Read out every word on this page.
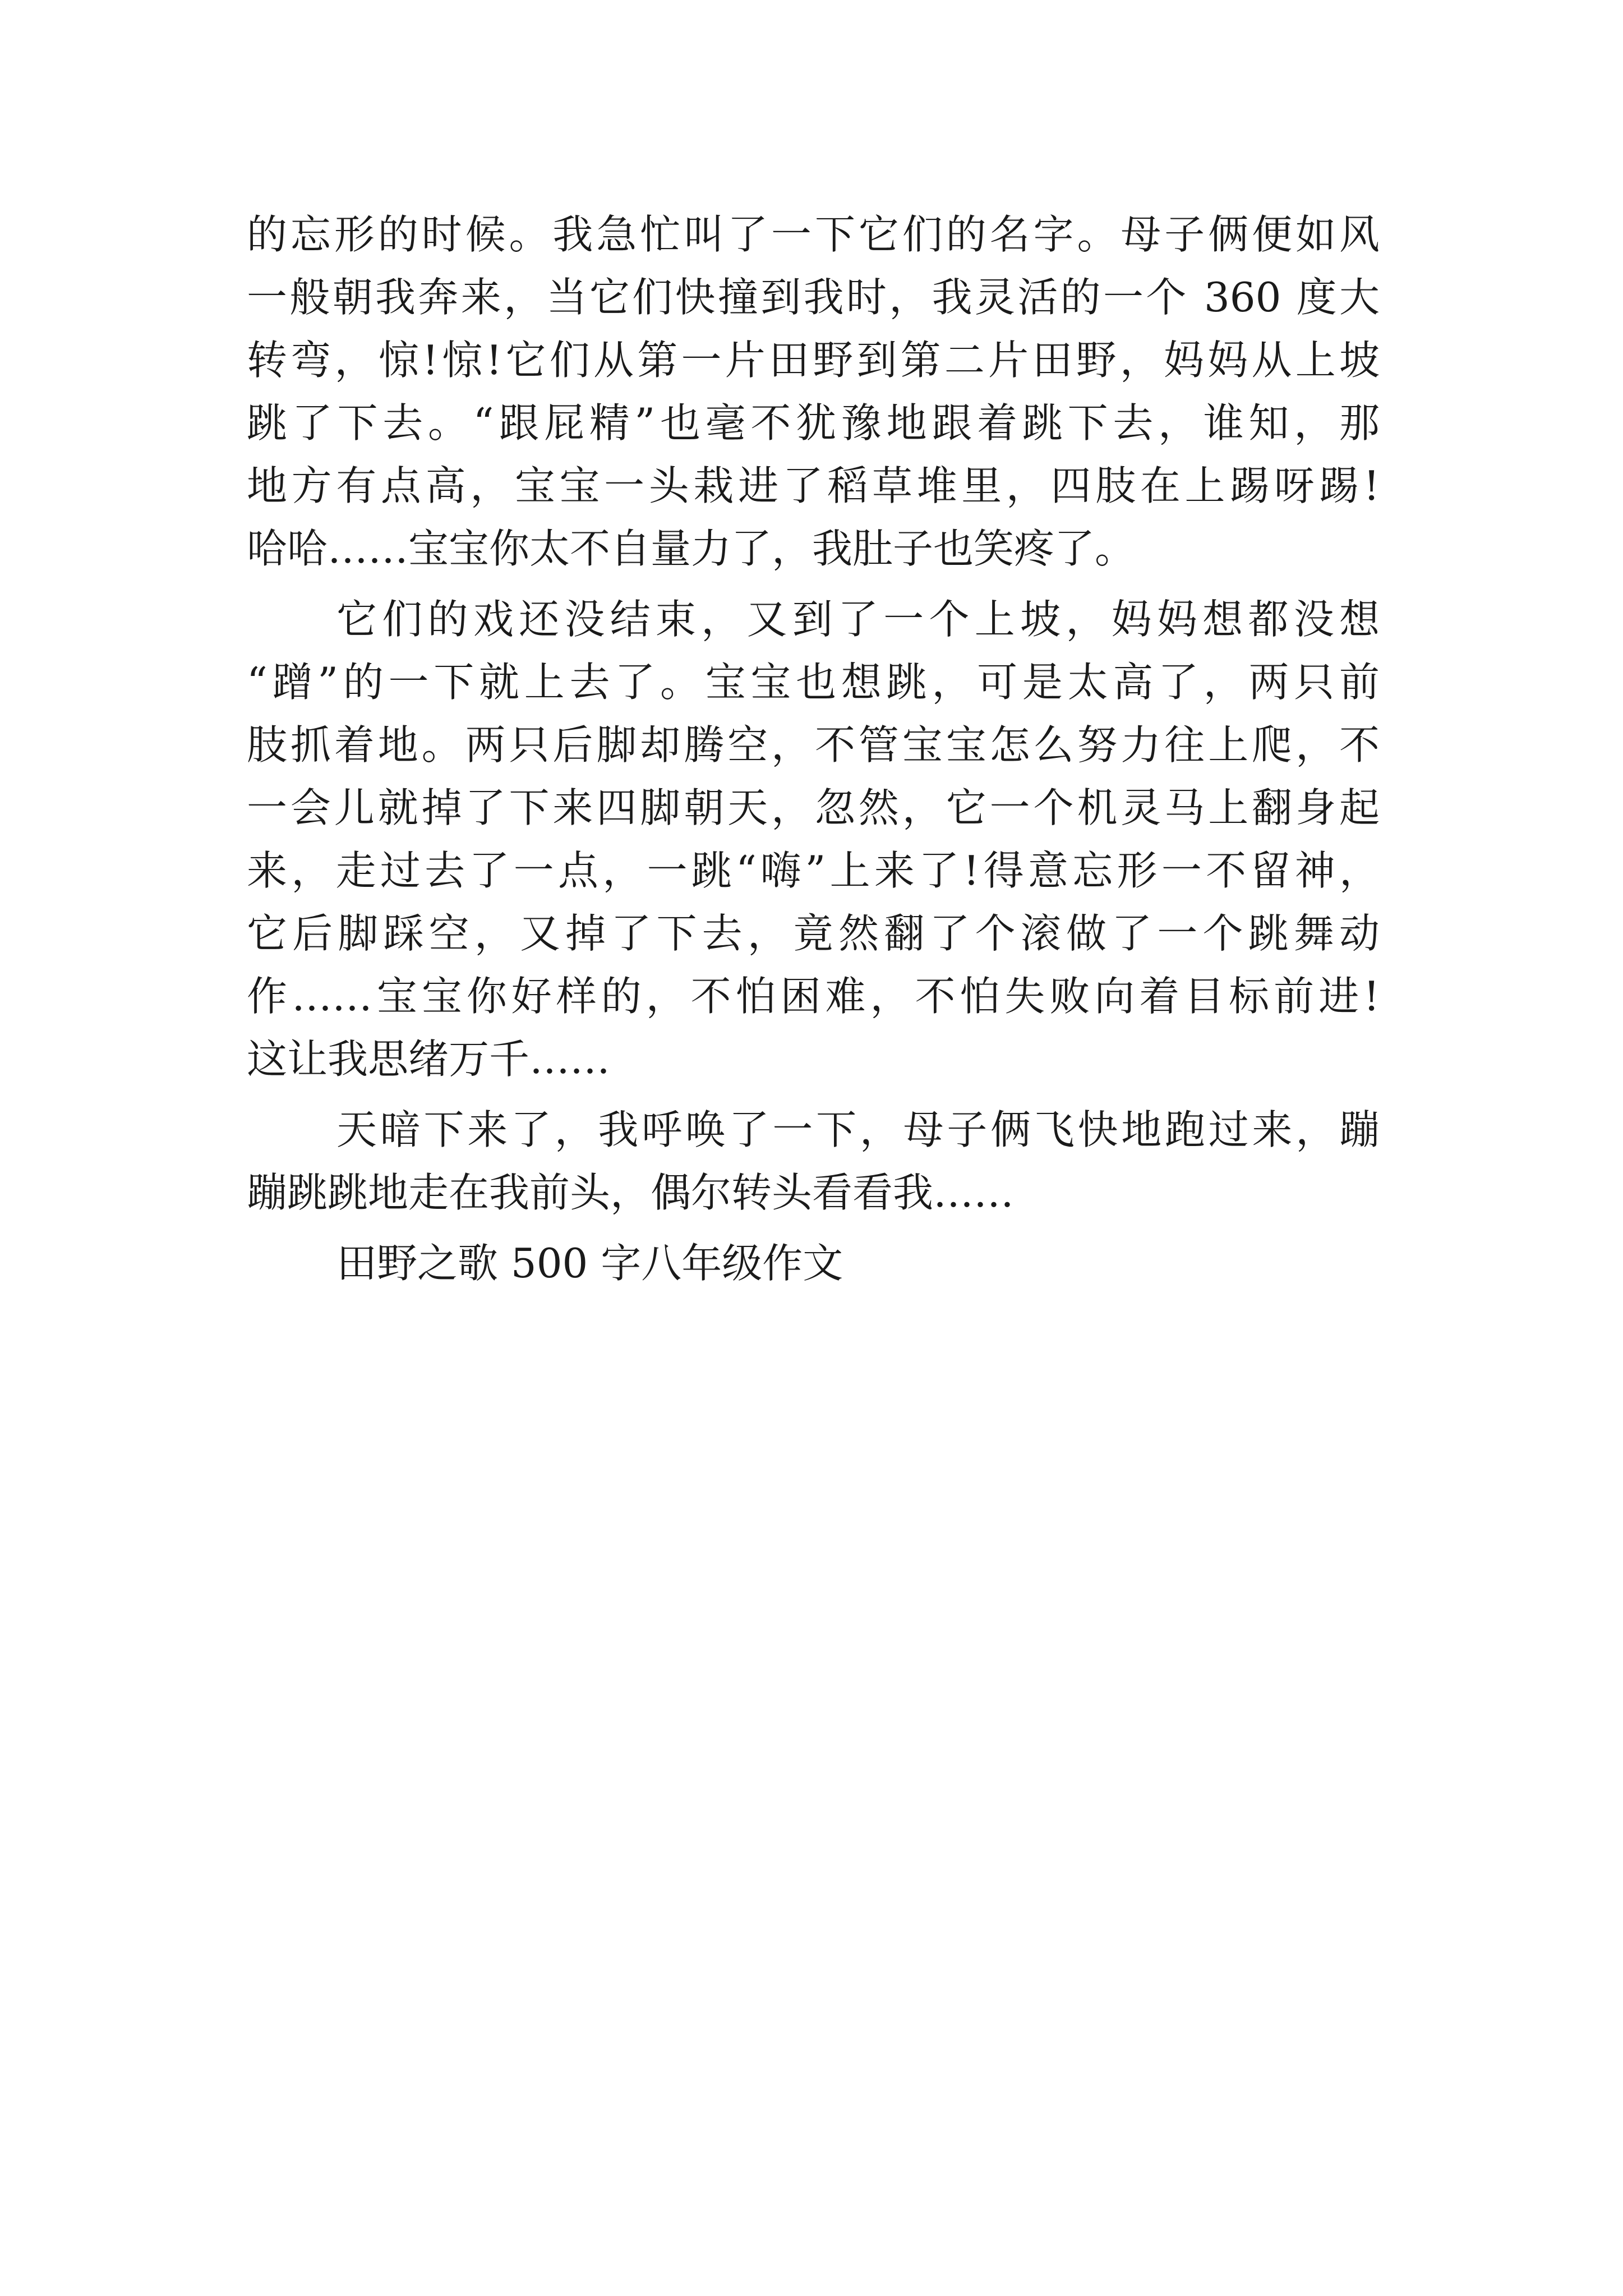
的忘形的时候。我急忙叫了一下它们的名字。母子俩便如风
一般朝我奔来，当它们快撞到我时，我灵活的一个 360 度大
转弯，惊!惊!它们从第一片田野到第二片田野，妈妈从上坡
跳了下去。“跟屁精”也毫不犹豫地跟着跳下去，谁知，那
地方有点高，宝宝一头栽进了稻草堆里，四肢在上踢呀踢!
哈哈……宝宝你太不自量力了，我肚子也笑疼了。
它们的戏还没结束，又到了一个上坡，妈妈想都没想
“蹭”的一下就上去了。宝宝也想跳，可是太高了，两只前
肢抓着地。两只后脚却腾空，不管宝宝怎么努力往上爬，不
一会儿就掉了下来四脚朝天，忽然，它一个机灵马上翻身起
来，走过去了一点，一跳“嗨”上来了!得意忘形一不留神，
它后脚踩空，又掉了下去，竟然翻了个滚做了一个跳舞动
作……宝宝你好样的，不怕困难，不怕失败向着目标前进!
这让我思绪万千……
天暗下来了，我呼唤了一下，母子俩飞快地跑过来，蹦
蹦跳跳地走在我前头，偶尔转头看看我……
田野之歌 500 字八年级作文
